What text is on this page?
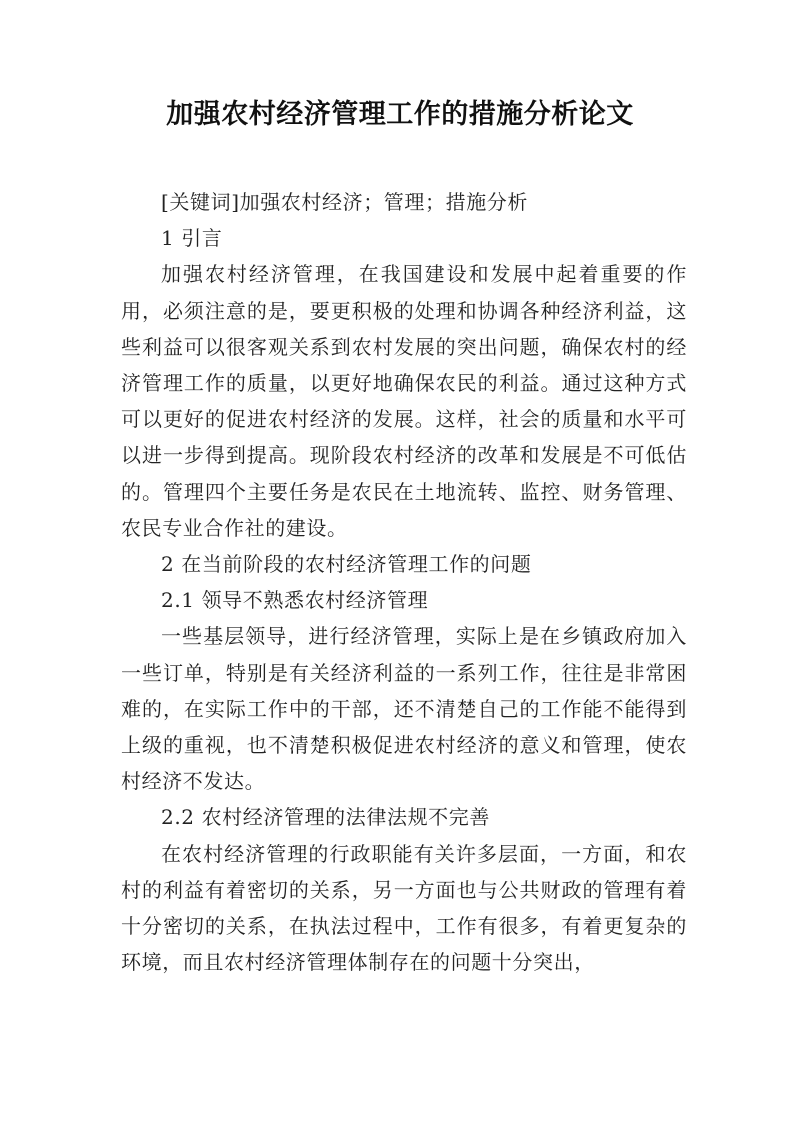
加强农村经济管理工作的措施分析论文

[关键词]加强农村经济；管理；措施分析

1 引言

加强农村经济管理，在我国建设和发展中起着重要的作用，必须注意的是，要更积极的处理和协调各种经济利益，这些利益可以很客观关系到农村发展的突出问题，确保农村的经济管理工作的质量，以更好地确保农民的利益。通过这种方式可以更好的促进农村经济的发展。这样，社会的质量和水平可以进一步得到提高。现阶段农村经济的改革和发展是不可低估的。管理四个主要任务是农民在土地流转、监控、财务管理、农民专业合作社的建设。

2 在当前阶段的农村经济管理工作的问题

2.1 领导不熟悉农村经济管理

一些基层领导，进行经济管理，实际上是在乡镇政府加入一些订单，特别是有关经济利益的一系列工作，往往是非常困难的，在实际工作中的干部，还不清楚自己的工作能不能得到上级的重视，也不清楚积极促进农村经济的意义和管理，使农村经济不发达。

2.2 农村经济管理的法律法规不完善

在农村经济管理的行政职能有关许多层面，一方面，和农村的利益有着密切的关系，另一方面也与公共财政的管理有着十分密切的关系，在执法过程中，工作有很多，有着更复杂的环境，而且农村经济管理体制存在的问题十分突出，
